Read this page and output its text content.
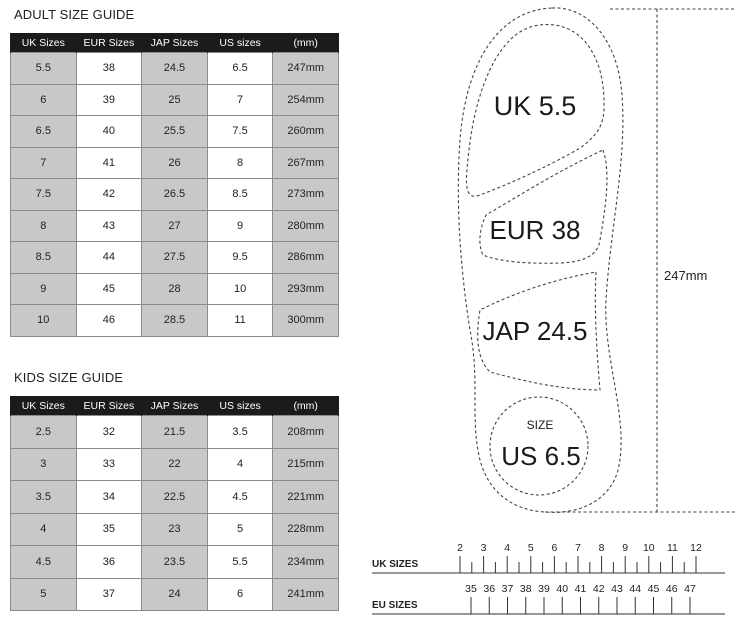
ADULT SIZE GUIDE
UK Sizes	EUR Sizes	JAP Sizes	US sizes	(mm)
5.5	38	24.5	6.5	247mm
6	39	25	7	254mm
6.5	40	25.5	7.5	260mm
7	41	26	8	267mm
7.5	42	26.5	8.5	273mm
8	43	27	9	280mm
8.5	44	27.5	9.5	286mm
9	45	28	10	293mm
10	46	28.5	11	300mm
KIDS SIZE GUIDE
UK Sizes	EUR Sizes	JAP Sizes	US sizes	(mm)
2.5	32	21.5	3.5	208mm
3	33	22	4	215mm
3.5	34	22.5	4.5	221mm
4	35	23	5	228mm
4.5	36	23.5	5.5	234mm
5	37	24	6	241mm
UK 5.5
EUR 38
JAP 24.5
SIZE
US 6.5
247mm
UK SIZES
EU SIZES
2 3 4 5 6 7 8 9 10 11 12
35 36 37 38 39 40 41 42 43 44 45 46 47
